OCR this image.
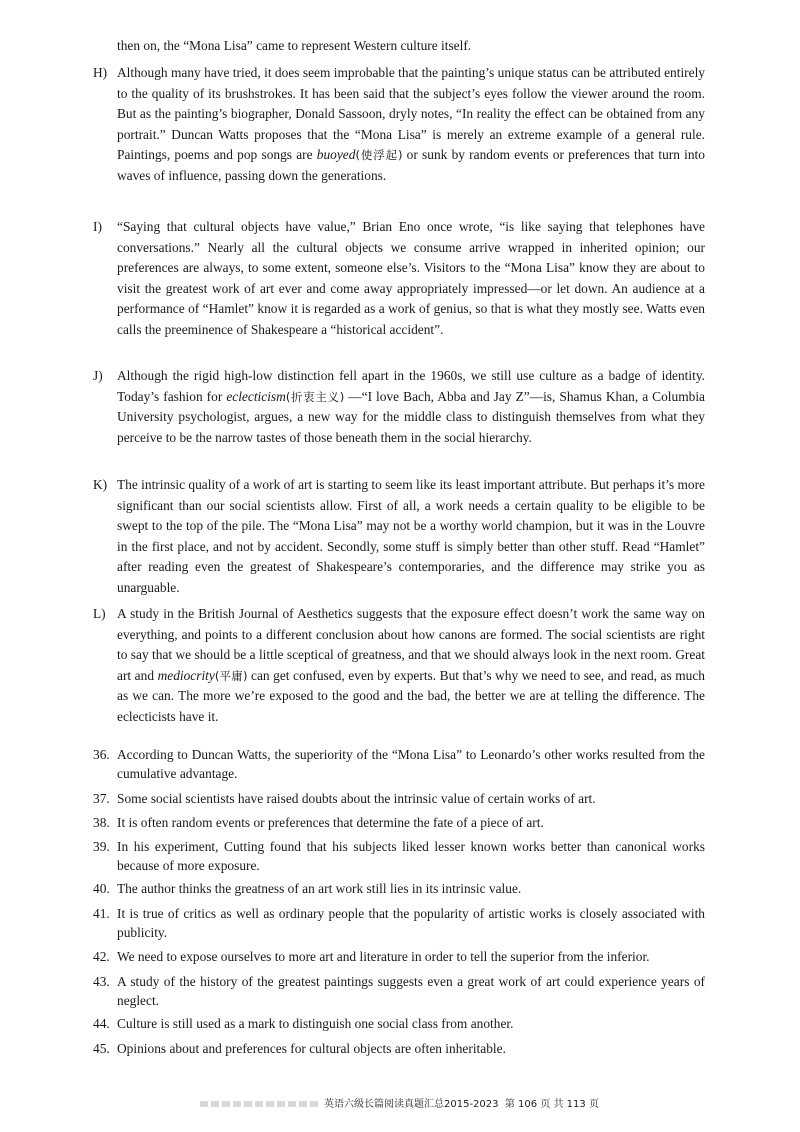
then on, the “Mona Lisa” came to represent Western culture itself.

H) Although many have tried, it does seem improbable that the painting’s unique status can be attributed entirely to the quality of its brushstrokes. It has been said that the subject’s eyes follow the viewer around the room. But as the painting’s biographer, Donald Sassoon, dryly notes, “In reality the effect can be obtained from any portrait.” Duncan Watts proposes that the “Mona Lisa” is merely an extreme example of a general rule. Paintings, poems and pop songs are buoyed(使浮起) or sunk by random events or preferences that turn into waves of influence, passing down the generations.
I) “Saying that cultural objects have value,” Brian Eno once wrote, “is like saying that telephones have conversations.” Nearly all the cultural objects we consume arrive wrapped in inherited opinion; our preferences are always, to some extent, someone else’s. Visitors to the “Mona Lisa” know they are about to visit the greatest work of art ever and come away appropriately impressed—or let down. An audience at a performance of “Hamlet” know it is regarded as a work of genius, so that is what they mostly see. Watts even calls the preeminence of Shakespeare a “historical accident”.
J) Although the rigid high-low distinction fell apart in the 1960s, we still use culture as a badge of identity. Today’s fashion for eclecticism(折衷主义) —“I love Bach, Abba and Jay Z”—is, Shamus Khan, a Columbia University psychologist, argues, a new way for the middle class to distinguish themselves from what they perceive to be the narrow tastes of those beneath them in the social hierarchy.
K) The intrinsic quality of a work of art is starting to seem like its least important attribute. But perhaps it’s more significant than our social scientists allow. First of all, a work needs a certain quality to be eligible to be swept to the top of the pile. The “Mona Lisa” may not be a worthy world champion, but it was in the Louvre in the first place, and not by accident. Secondly, some stuff is simply better than other stuff. Read “Hamlet” after reading even the greatest of Shakespeare’s contemporaries, and the difference may strike you as unarguable.
L) A study in the British Journal of Aesthetics suggests that the exposure effect doesn’t work the same way on everything, and points to a different conclusion about how canons are formed. The social scientists are right to say that we should be a little sceptical of greatness, and that we should always look in the next room. Great art and mediocrity(平庸) can get confused, even by experts. But that’s why we need to see, and read, as much as we can. The more we’re exposed to the good and the bad, the better we are at telling the difference. The eclecticists have it.
36. According to Duncan Watts, the superiority of the “Mona Lisa” to Leonardo’s other works resulted from the cumulative advantage.
37. Some social scientists have raised doubts about the intrinsic value of certain works of art.
38. It is often random events or preferences that determine the fate of a piece of art.
39. In his experiment, Cutting found that his subjects liked lesser known works better than canonical works because of more exposure.
40. The author thinks the greatness of an art work still lies in its intrinsic value.
41. It is true of critics as well as ordinary people that the popularity of artistic works is closely associated with publicity.
42. We need to expose ourselves to more art and literature in order to tell the superior from the inferior.
43. A study of the history of the greatest paintings suggests even a great work of art could experience years of neglect.
44. Culture is still used as a mark to distinguish one social class from another.
45. Opinions about and preferences for cultural objects are often inheritable.
英语六级长篇阅读真题汇总2015-2023 第 106 页 共 113 页
